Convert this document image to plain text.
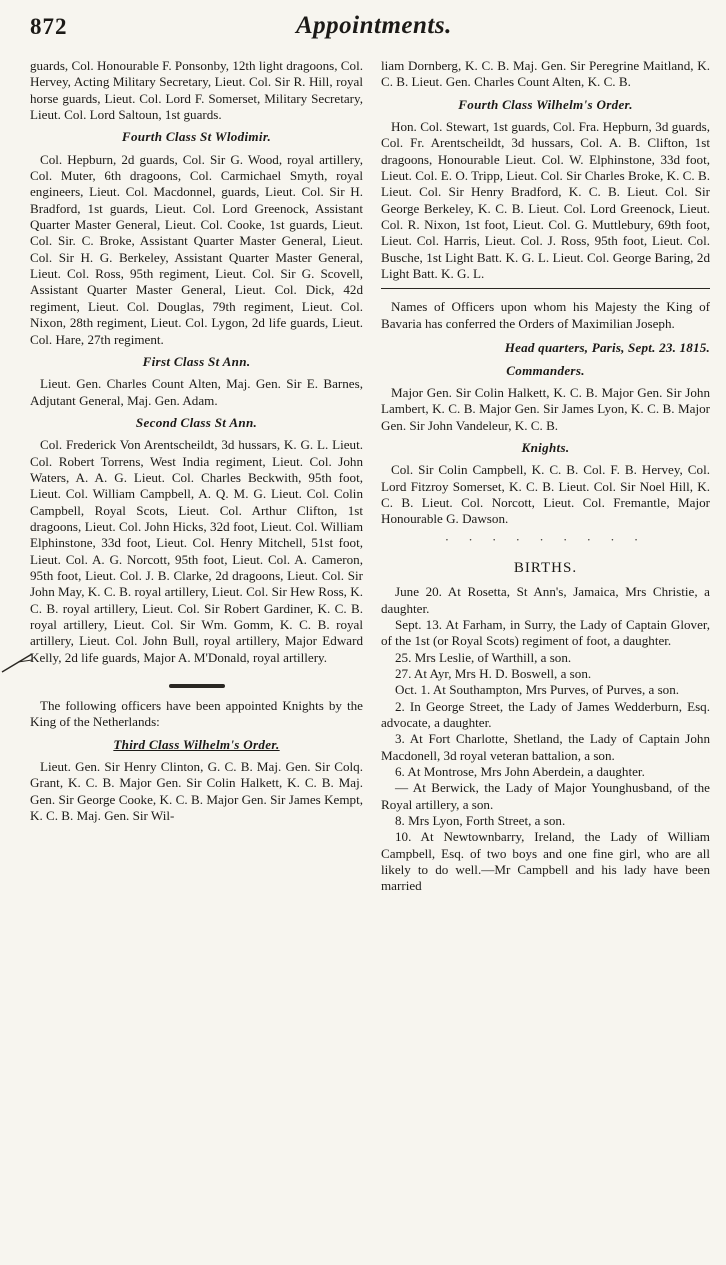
872	Appointments.

guards, Col. Honourable F. Ponsonby, 12th light dragoons, Col. Hervey, Acting Military Secretary, Lieut. Col. Sir R. Hill, royal horse guards, Lieut. Col. Lord F. Somerset, Military Secretary, Lieut. Col. Lord Saltoun, 1st guards.

Fourth Class St Wlodimir.

Col. Hepburn, 2d guards, Col. Sir G. Wood, royal artillery, Col. Muter, 6th dragoons, Col. Carmichael Smyth, royal engineers, Lieut. Col. Macdonnel, guards, Lieut. Col. Sir H. Bradford, 1st guards, Lieut. Col. Lord Greenock, Assistant Quarter Master General, Lieut. Col. Cooke, 1st guards, Lieut. Col. Sir. C. Broke, Assistant Quarter Master General, Lieut. Col. Sir H. G. Berkeley, Assistant Quarter Master General, Lieut. Col. Ross, 95th regiment, Lieut. Col. Sir G. Scovell, Assistant Quarter Master General, Lieut. Col. Dick, 42d regiment, Lieut. Col. Douglas, 79th regiment, Lieut. Col. Nixon, 28th regiment, Lieut. Col. Lygon, 2d life guards, Lieut. Col. Hare, 27th regiment.

First Class St Ann.

Lieut. Gen. Charles Count Alten, Maj. Gen. Sir E. Barnes, Adjutant General, Maj. Gen. Adam.

Second Class St Ann.

Col. Frederick Von Arentscheildt, 3d hussars, K. G. L. Lieut. Col. Robert Torrens, West India regiment, Lieut. Col. John Waters, A. A. G. Lieut. Col. Charles Beckwith, 95th foot, Lieut. Col. William Campbell, A. Q. M. G. Lieut. Col. Colin Campbell, Royal Scots, Lieut. Col. Arthur Clifton, 1st dragoons, Lieut. Col. John Hicks, 32d foot, Lieut. Col. William Elphinstone, 33d foot, Lieut. Col. Henry Mitchell, 51st foot, Lieut. Col. A. G. Norcott, 95th foot, Lieut. Col. A. Cameron, 95th foot, Lieut. Col. J. B. Clarke, 2d dragoons, Lieut. Col. Sir John May, K. C. B. royal artillery, Lieut. Col. Sir Hew Ross, K. C. B. royal artillery, Lieut. Col. Sir Robert Gardiner, K. C. B. royal artillery, Lieut. Col. Sir Wm. Gomm, K. C. B. royal artillery, Lieut. Col. John Bull, royal artillery, Major Edward Kelly, 2d life guards, Major A. M'Donald, royal artillery.

The following officers have been appointed Knights by the King of the Netherlands:

Third Class Wilhelm's Order.

Lieut. Gen. Sir Henry Clinton, G. C. B. Maj. Gen. Sir Colq. Grant, K. C. B. Major Gen. Sir Colin Halkett, K. C. B. Maj. Gen. Sir George Cooke, K. C. B. Major Gen. Sir James Kempt, K. C. B. Maj. Gen. Sir Wil-

liam Dornberg, K. C. B. Maj. Gen. Sir Peregrine Maitland, K. C. B. Lieut. Gen. Charles Count Alten, K. C. B.

Fourth Class Wilhelm's Order.

Hon. Col. Stewart, 1st guards, Col. Fra. Hepburn, 3d guards, Col. Fr. Arentscheildt, 3d hussars, Col. A. B. Clifton, 1st dragoons, Honourable Lieut. Col. W. Elphinstone, 33d foot, Lieut. Col. E. O. Tripp, Lieut. Col. Sir Charles Broke, K. C. B. Lieut. Col. Sir Henry Bradford, K. C. B. Lieut. Col. Sir George Berkeley, K. C. B. Lieut. Col. Lord Greenock, Lieut. Col. R. Nixon, 1st foot, Lieut. Col. G. Muttlebury, 69th foot, Lieut. Col. Harris, Lieut. Col. J. Ross, 95th foot, Lieut. Col. Busche, 1st Light Batt. K. G. L. Lieut. Col. George Baring, 2d Light Batt. K. G. L.

Names of Officers upon whom his Majesty the King of Bavaria has conferred the Orders of Maximilian Joseph.

Head quarters, Paris, Sept. 23. 1815.
Commanders.

Major Gen. Sir Colin Halkett, K. C. B. Major Gen. Sir John Lambert, K. C. B. Major Gen. Sir James Lyon, K. C. B. Major Gen. Sir John Vandeleur, K. C. B.

Knights.

Col. Sir Colin Campbell, K. C. B. Col. F. B. Hervey, Col. Lord Fitzroy Somerset, K. C. B. Lieut. Col. Sir Noel Hill, K. C. B. Lieut. Col. Norcott, Lieut. Col. Fremantle, Major Honourable G. Dawson.

· · · · · · · · ·
BIRTHS.

June 20. At Rosetta, St Ann's, Jamaica, Mrs Christie, a daughter.

Sept. 13. At Farham, in Surry, the Lady of Captain Glover, of the 1st (or Royal Scots) regiment of foot, a daughter.

25. Mrs Leslie, of Warthill, a son.

27. At Ayr, Mrs H. D. Boswell, a son.

Oct. 1. At Southampton, Mrs Purves, of Purves, a son.

2. In George Street, the Lady of James Wedderburn, Esq. advocate, a daughter.

3. At Fort Charlotte, Shetland, the Lady of Captain John Macdonell, 3d royal veteran battalion, a son.

6. At Montrose, Mrs John Aberdein, a daughter.

— At Berwick, the Lady of Major Younghusband, of the Royal artillery, a son.

8. Mrs Lyon, Forth Street, a son.

10. At Newtownbarry, Ireland, the Lady of William Campbell, Esq. of two boys and one fine girl, who are all likely to do well.—Mr Campbell and his lady have been married
